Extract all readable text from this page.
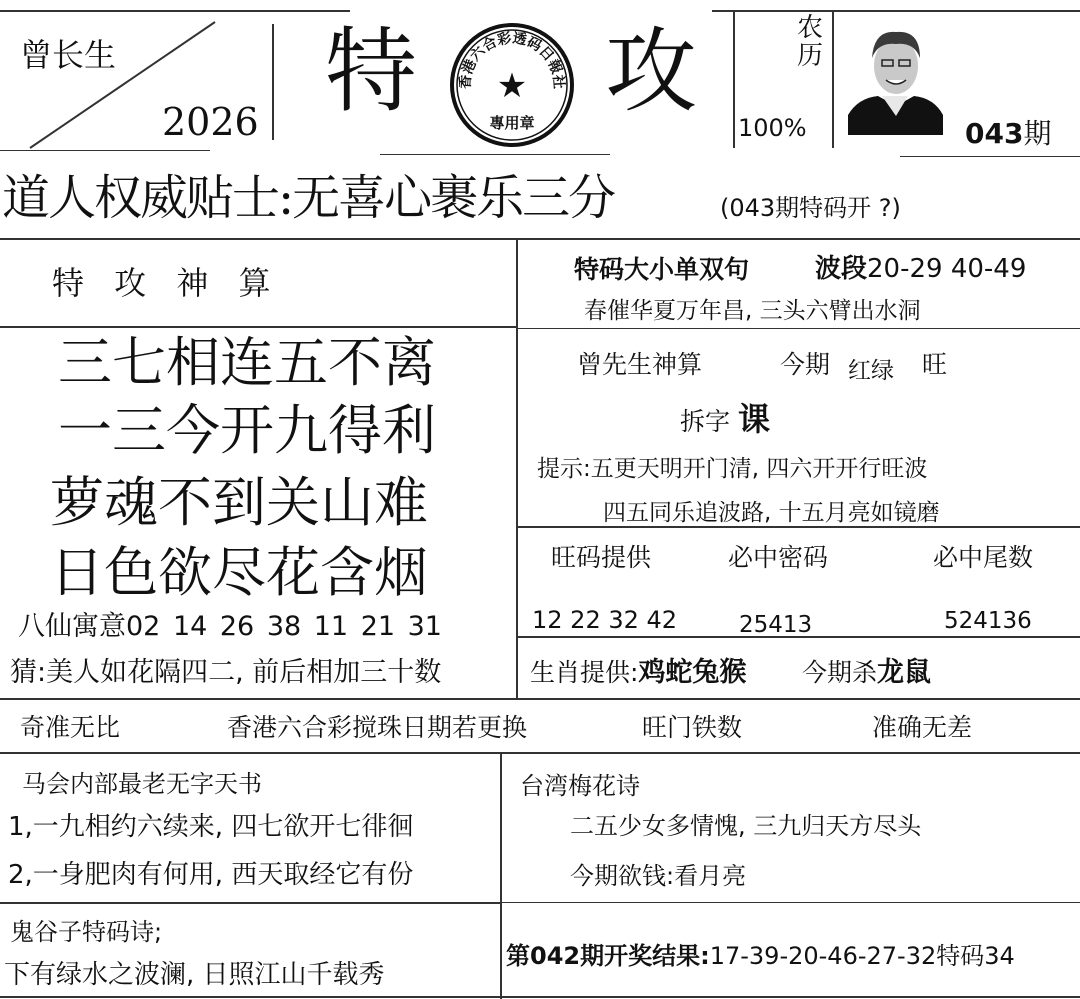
曾长生
2026 特 攻
香港六合彩透码日報社
★
專用章
农历
100%	043期
道人权威贴士:无喜心裹乐三分	(043期特码开 ?)
特 攻 神 算
三七相连五不离
一三今开九得利
萝魂不到关山难
日色欲尽花含烟
八仙寓意02 14 26 38 11 21 31
猜:美人如花隔四二, 前后相加三十数
特码大小单双句	波段20-29 40-49
春催华夏万年昌, 三头六臂出水洞
曾先生神算	今期 红绿 旺
拆字 课
提示:五更天明开门清, 四六开开行旺波
四五同乐追波路, 十五月亮如镜磨
旺码提供	必中密码	必中尾数
12 22 32 42	25413	524136
生肖提供:鸡蛇兔猴 今期杀龙鼠
奇准无比	香港六合彩搅珠日期若更换	旺门铁数	准确无差
马会内部最老无字天书
1,一九相约六续来, 四七欲开七徘徊
2,一身肥肉有何用, 西天取经它有份
台湾梅花诗
二五少女多情愧, 三九归天方尽头
今期欲钱:看月亮
鬼谷子特码诗;
下有绿水之波澜, 日照江山千载秀
第042期开奖结果:17-39-20-46-27-32特码34
